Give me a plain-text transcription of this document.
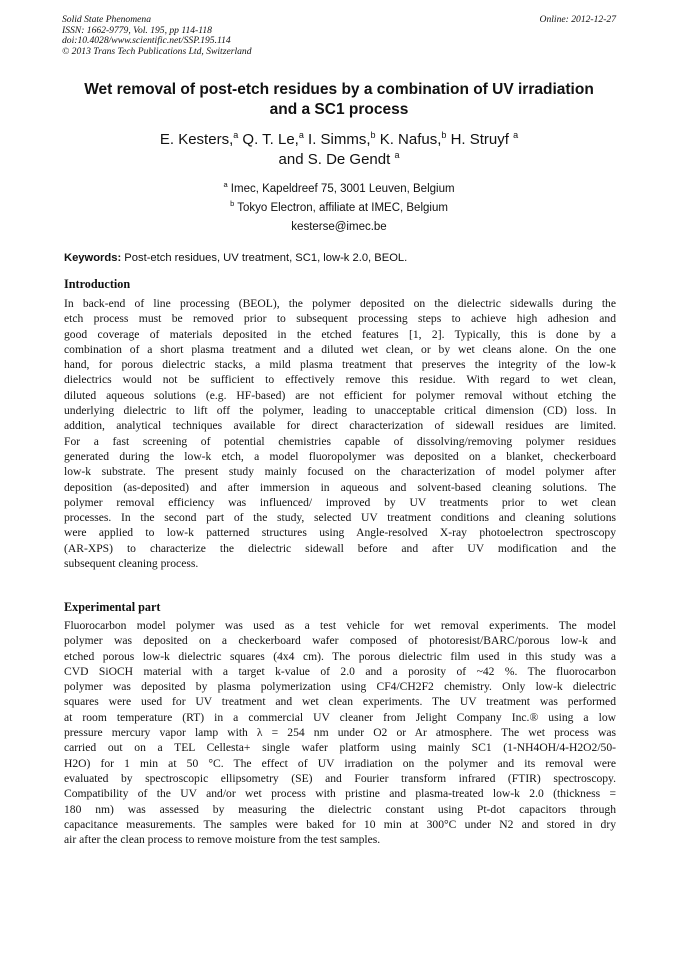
Solid State Phenomena
ISSN: 1662-9779, Vol. 195, pp 114-118
doi:10.4028/www.scientific.net/SSP.195.114
© 2013 Trans Tech Publications Ltd, Switzerland
Online: 2012-12-27
Wet removal of post-etch residues by a combination of UV irradiation
and a SC1 process
E. Kesters,$^a$ Q. T. Le,$^a$ I. Simms,$^b$ K. Nafus,$^b$ H. Struyf $^a$
and S. De Gendt $^a$
$^a$ Imec, Kapeldreef 75, 3001 Leuven, Belgium
$^b$ Tokyo Electron, affiliate at IMEC, Belgium
kesterse@imec.be
Keywords: Post-etch residues, UV treatment, SC1, low-k 2.0, BEOL.
Introduction
In back-end of line processing (BEOL), the polymer deposited on the dielectric sidewalls during the
etch process must be removed prior to subsequent processing steps to achieve high adhesion and
good coverage of materials deposited in the etched features [1, 2]. Typically, this is done by a
combination of a short plasma treatment and a diluted wet clean, or by wet cleans alone. On the one
hand, for porous dielectric stacks, a mild plasma treatment that preserves the integrity of the low-k
dielectrics would not be sufficient to effectively remove this residue. With regard to wet clean,
diluted aqueous solutions (e.g. HF-based) are not efficient for polymer removal without etching the
underlying dielectric to lift off the polymer, leading to unacceptable critical dimension (CD) loss. In
addition, analytical techniques available for direct characterization of sidewall residues are limited.
For a fast screening of potential chemistries capable of dissolving/removing polymer residues
generated during the low-k etch, a model fluoropolymer was deposited on a blanket, checkerboard
low-k substrate. The present study mainly focused on the characterization of model polymer after
deposition (as-deposited) and after immersion in aqueous and solvent-based cleaning solutions. The
polymer removal efficiency was influenced/ improved by UV treatments prior to wet clean
processes. In the second part of the study, selected UV treatment conditions and cleaning solutions
were applied to low-k patterned structures using Angle-resolved X-ray photoelectron spectroscopy
(AR-XPS) to characterize the dielectric sidewall before and after UV modification and the
subsequent cleaning process.
Experimental part
Fluorocarbon model polymer was used as a test vehicle for wet removal experiments. The model
polymer was deposited on a checkerboard wafer composed of photoresist/BARC/porous low-k and
etched porous low-k dielectric squares (4x4 cm). The porous dielectric film used in this study was a
CVD SiOCH material with a target k-value of 2.0 and a porosity of ~42 %. The fluorocarbon
polymer was deposited by plasma polymerization using CF4/CH2F2 chemistry. Only low-k dielectric
squares were used for UV treatment and wet clean experiments. The UV treatment was performed
at room temperature (RT) in a commercial UV cleaner from Jelight Company Inc.® using a low
pressure mercury vapor lamp with λ = 254 nm under O2 or Ar atmosphere. The wet process was
carried out on a TEL Cellesta+ single wafer platform using mainly SC1 (1-NH4OH/4-H2O2/50-
H2O) for 1 min at 50 °C. The effect of UV irradiation on the polymer and its removal were
evaluated by spectroscopic ellipsometry (SE) and Fourier transform infrared (FTIR) spectroscopy.
Compatibility of the UV and/or wet process with pristine and plasma-treated low-k 2.0 (thickness =
180 nm) was assessed by measuring the dielectric constant using Pt-dot capacitors through
capacitance measurements. The samples were baked for 10 min at 300°C under N2 and stored in dry
air after the clean process to remove moisture from the test samples.
